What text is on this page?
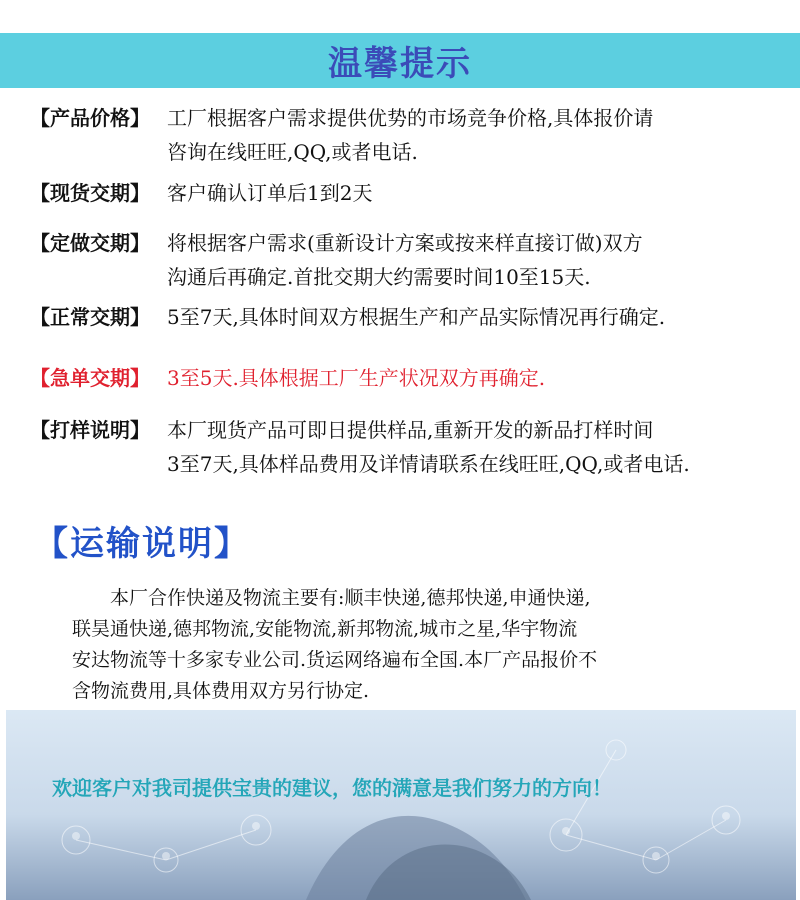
温馨提示
【产品价格】 工厂根据客户需求提供优势的市场竞争价格,具体报价请
咨询在线旺旺,QQ,或者电话.
【现货交期】 客户确认订单后1到2天
【定做交期】 将根据客户需求(重新设计方案或按来样直接订做)双方
沟通后再确定.首批交期大约需要时间10至15天.
【正常交期】 5至7天,具体时间双方根据生产和产品实际情况再行确定.
【急单交期】 3至5天.具体根据工厂生产状况双方再确定.
【打样说明】 本厂现货产品可即日提供样品,重新开发的新品打样时间
3至7天,具体样品费用及详情请联系在线旺旺,QQ,或者电话.
【运输说明】
　　本厂合作快递及物流主要有:顺丰快递,德邦快递,申通快递,
联昊通快递,德邦物流,安能物流,新邦物流,城市之星,华宇物流
安达物流等十多家专业公司.货运网络遍布全国.本厂产品报价不
含物流费用,具体费用双方另行协定.
欢迎客户对我司提供宝贵的建议，您的满意是我们努力的方向！
